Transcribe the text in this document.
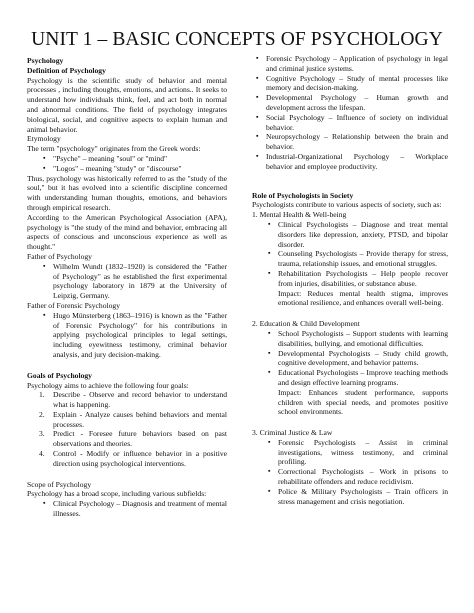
UNIT 1 – BASIC CONCEPTS OF PSYCHOLOGY

Psychology

Definition of Psychology

Psychology is the scientific study of behavior and mental processes , including thoughts, emotions, and actions.. It seeks to understand how individuals think, feel, and act both in normal and abnormal conditions. The field of psychology integrates biological, social, and cognitive aspects to explain human and animal behavior.

Etymology

The term "psychology" originates from the Greek words:

▪ "Psyche" – meaning "soul" or "mind"
▪ "Logos" – meaning "study" or "discourse"

Thus, psychology was historically referred to as the "study of the soul," but it has evolved into a scientific discipline concerned with understanding human thoughts, emotions, and behaviors through empirical research.

According to the American Psychological Association (APA), psychology is "the study of the mind and behavior, embracing all aspects of conscious and unconscious experience as well as thought."

Father of Psychology

▪ Wilhelm Wundt (1832–1920) is considered the "Father of Psychology" as he established the first experimental psychology laboratory in 1879 at the University of Leipzig, Germany.

Father of Forensic Psychology

▪ Hugo Münsterberg (1863–1916) is known as the "Father of Forensic Psychology" for his contributions in applying psychological principles to legal settings, including eyewitness testimony, criminal behavior analysis, and jury decision-making.

Goals of Psychology

Psychology aims to achieve the following four goals:

1. Describe - Observe and record behavior to understand what is happening.
2. Explain - Analyze causes behind behaviors and mental processes.
3. Predict - Foresee future behaviors based on past observations and theories.
4. Control - Modify or influence behavior in a positive direction using psychological interventions.

Scope of Psychology

Psychology has a broad scope, including various subfields:

▪ Clinical Psychology – Diagnosis and treatment of mental illnesses.
▪ Forensic Psychology – Application of psychology in legal and criminal justice systems.
▪ Cognitive Psychology – Study of mental processes like memory and decision-making.
▪ Developmental Psychology – Human growth and development across the lifespan.
▪ Social Psychology – Influence of society on individual behavior.
▪ Neuropsychology – Relationship between the brain and behavior.
▪ Industrial-Organizational Psychology – Workplace behavior and employee productivity.

Role of Psychologists in Society

Psychologists contribute to various aspects of society, such as:

1. Mental Health & Well-being

▪ Clinical Psychologists – Diagnose and treat mental disorders like depression, anxiety, PTSD, and bipolar disorder.
▪ Counseling Psychologists – Provide therapy for stress, trauma, relationship issues, and emotional struggles.
▪ Rehabilitation Psychologists – Help people recover from injuries, disabilities, or substance abuse.
Impact: Reduces mental health stigma, improves emotional resilience, and enhances overall well-being.

2. Education & Child Development

▪ School Psychologists – Support students with learning disabilities, bullying, and emotional difficulties.
▪ Developmental Psychologists – Study child growth, cognitive development, and behavior patterns.
▪ Educational Psychologists – Improve teaching methods and design effective learning programs.
Impact: Enhances student performance, supports children with special needs, and promotes positive school environments.

3. Criminal Justice & Law

▪ Forensic Psychologists – Assist in criminal investigations, witness testimony, and criminal profiling.
▪ Correctional Psychologists – Work in prisons to rehabilitate offenders and reduce recidivism.
▪ Police & Military Psychologists – Train officers in stress management and crisis negotiation.
